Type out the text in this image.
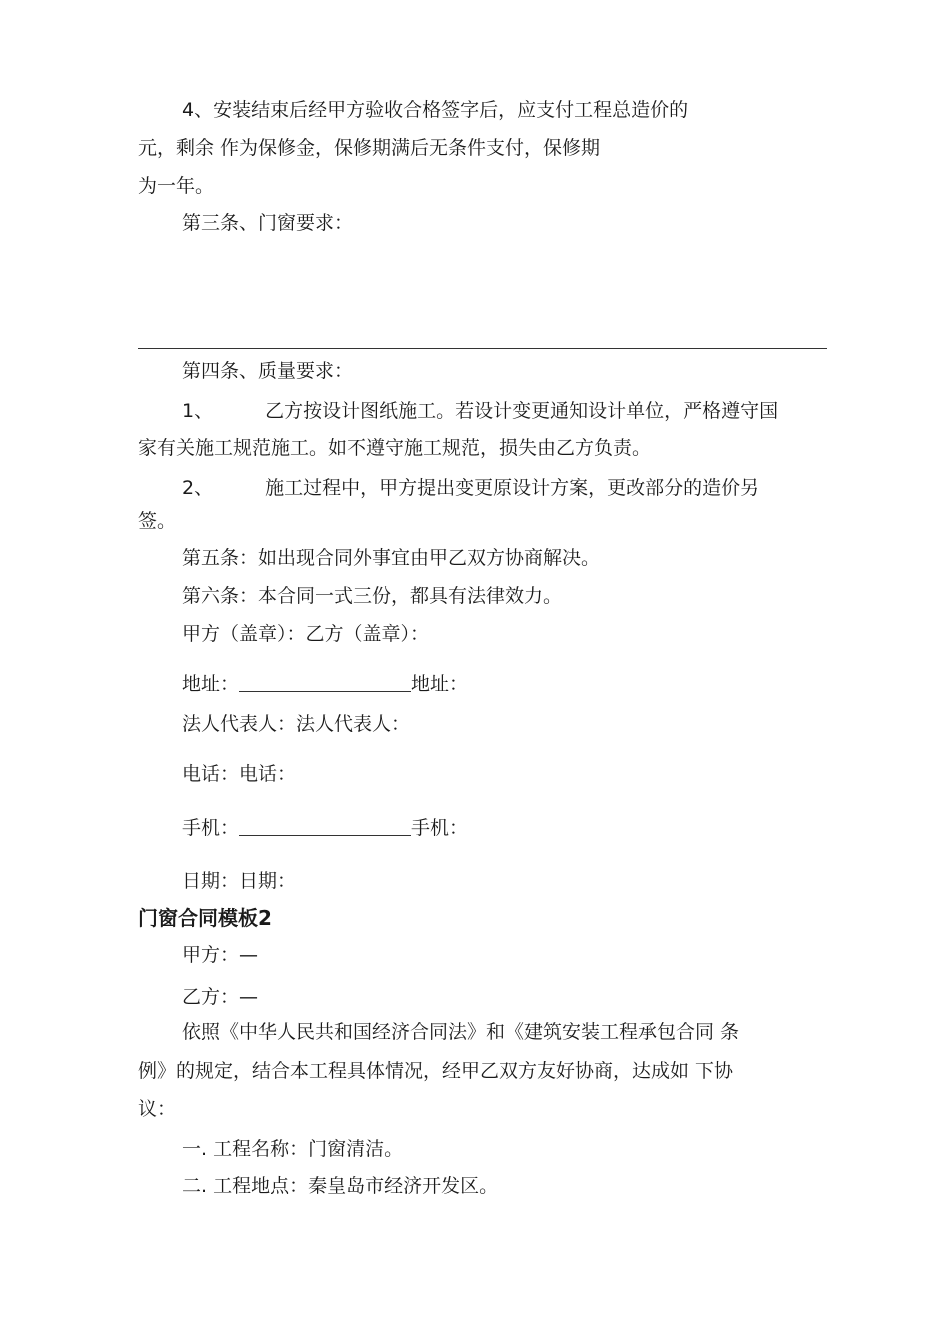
4、安装结束后经甲方验收合格签字后，应支付工程总造价的
元，剩余 作为保修金，保修期满后无条件支付，保修期
为一年。
第三条、门窗要求：
第四条、质量要求：
1、	乙方按设计图纸施工。若设计变更通知设计单位，严格遵守国
家有关施工规范施工。如不遵守施工规范，损失由乙方负责。
2、	施工过程中，甲方提出变更原设计方案，更改部分的造价另
签。
第五条：如出现合同外事宜由甲乙双方协商解决。
第六条：本合同一式三份，都具有法律效力。
甲方（盖章）：乙方（盖章）：
地址：	地址：
法人代表人：法人代表人：
电话：电话：
手机：	手机：
日期：日期：
门窗合同模板2
甲方：—
乙方：—
依照《中华人民共和国经济合同法》和《建筑安装工程承包合同 条
例》的规定，结合本工程具体情况，经甲乙双方友好协商，达成如 下协
议：
一. 工程名称：门窗清洁。
二. 工程地点：秦皇岛市经济开发区。
